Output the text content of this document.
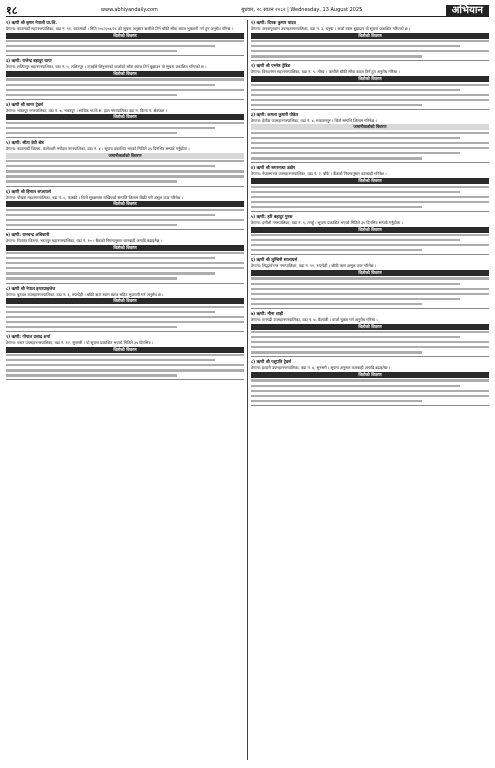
१८	www.abhiyandaily.com	बुधवार, २८ साउन २०८२ | Wednesday, 13 August 2025	अभियान
२) ऋणी श्री कृष्ण नेपाली प्रा.लि.
ठेगाना: काठमाडौं महानगरपालिका, वडा नं. ११, काठमाडौं । मिति २०८२/०४/२८ को सूचना अनुसार ऋणीले तिर्न बाँकी साँवा ब्याज भुक्तानी गर्न हुन अनुरोध गरिन्छ ।
धितोको विवरण
३) ऋणी: राजेन्द्र बहादुर थापा
ठेगाना: ललितपुर महानगरपालिका, वडा नं. ५, ललितपुर । तपाईंले लिनुभएको कर्जाको साँवा ब्याज तिर्न बुझाउन यो सूचना प्रकाशित गरिएको छ ।
धितोको विवरण
४) ऋणी श्री सागर ट्रेडर्स
ठेगाना: भक्तपुर नगरपालिका, वडा नं. ७, भक्तपुर । साविक गा.वि.स. हाल नगरपालिका वडा नं. कित्ता नं. क्षेत्रफल ।
धितोको विवरण
५) ऋणी: सीता देवी श्रेष्ठ
ठेगाना: काठमाडौं जिल्ला, कागेश्वरी मनोहरा नगरपालिका, वडा नं. ४ । सूचना प्रकाशित भएको मितिले ३५ दिनभित्र सम्पर्क गर्नुहोला ।
जमानीकर्ताको विवरण
६) ऋणी श्री हिमाल सप्लायर्स
ठेगाना: पोखरा महानगरपालिका, वडा नं. ८, कास्की । धितो सुरक्षणमा राखिएको सम्पत्ति लिलाम बिक्री गरी असुल उपर गरिनेछ ।
धितोको विवरण
७) ऋणी: रामचन्द्र अधिकारी
ठेगाना: चितवन जिल्ला, भरतपुर महानगरपालिका, वडा नं. १० । बैंकको नियमानुसार कारबाही अगाडि बढाइनेछ ।
धितोको विवरण
८) ऋणी श्री नेपाल इन्टरप्राइजेज
ठेगाना: बुटवल उपमहानगरपालिका, वडा नं. ६, रुपन्देही । बाँकी ऋण रकम ब्याज सहित भुक्तानी गर्न अनुरोध छ ।
धितोको विवरण
९) ऋणी: गोपाल प्रसाद शर्मा
ठेगाना: धरान उपमहानगरपालिका, वडा नं. १२, सुनसरी । यो सूचना प्रकाशित भएको मितिले ३५ दिनभित्र ।
धितोको विवरण
१) ऋणी: दिपक कुमार यादव
ठेगाना: जनकपुरधाम उपमहानगरपालिका, वडा नं. ३, धनुषा । कर्जा रकम बुझाउन यो सूचना प्रकाशित गरिएको छ ।
धितोको विवरण
२) ऋणी श्री एभरेष्ट ट्रेडिङ
ठेगाना: विराटनगर महानगरपालिका, वडा नं. ९, मोरङ । ऋणीले बाँकी साँवा ब्याज तिर्न हुन अनुरोध गरिन्छ ।
धितोको विवरण
३) ऋणी: कमला कुमारी पौडेल
ठेगाना: हेटौंडा उपमहानगरपालिका, वडा नं. ४, मकवानपुर । धितो सम्पत्ति लिलाम गरिनेछ ।
जमानीकर्ताको विवरण
४) ऋणी श्री सगरमाथा उद्योग
ठेगाना: नेपालगञ्ज उपमहानगरपालिका, वडा नं. २, बाँके । बैंकको नियमानुसार कारबाही गरिनेछ ।
धितोको विवरण
५) ऋणी: हरि बहादुर गुरुङ
ठेगाना: दमौली नगरपालिका, वडा नं. ५, तनहुँ । सूचना प्रकाशित भएको मितिले ३५ दिनभित्र सम्पर्क गर्नुहोला ।
धितोको विवरण
६) ऋणी श्री लुम्बिनी सप्लायर्स
ठेगाना: सिद्धार्थनगर नगरपालिका, वडा नं. ११, रुपन्देही । बाँकी ऋण असुल उपर गरिनेछ ।
धितोको विवरण
७) ऋणी: मीना शाही
ठेगाना: धनगढी उपमहानगरपालिका, वडा नं. ७, कैलाली । कर्जा चुक्ता गर्न अनुरोध गरिन्छ ।
धितोको विवरण
८) ऋणी श्री पशुपति ट्रेडर्स
ठेगाना: इटहरी उपमहानगरपालिका, वडा नं. ६, सुनसरी । सूचना अनुसार कारबाही अगाडि बढाइनेछ ।
धितोको विवरण
